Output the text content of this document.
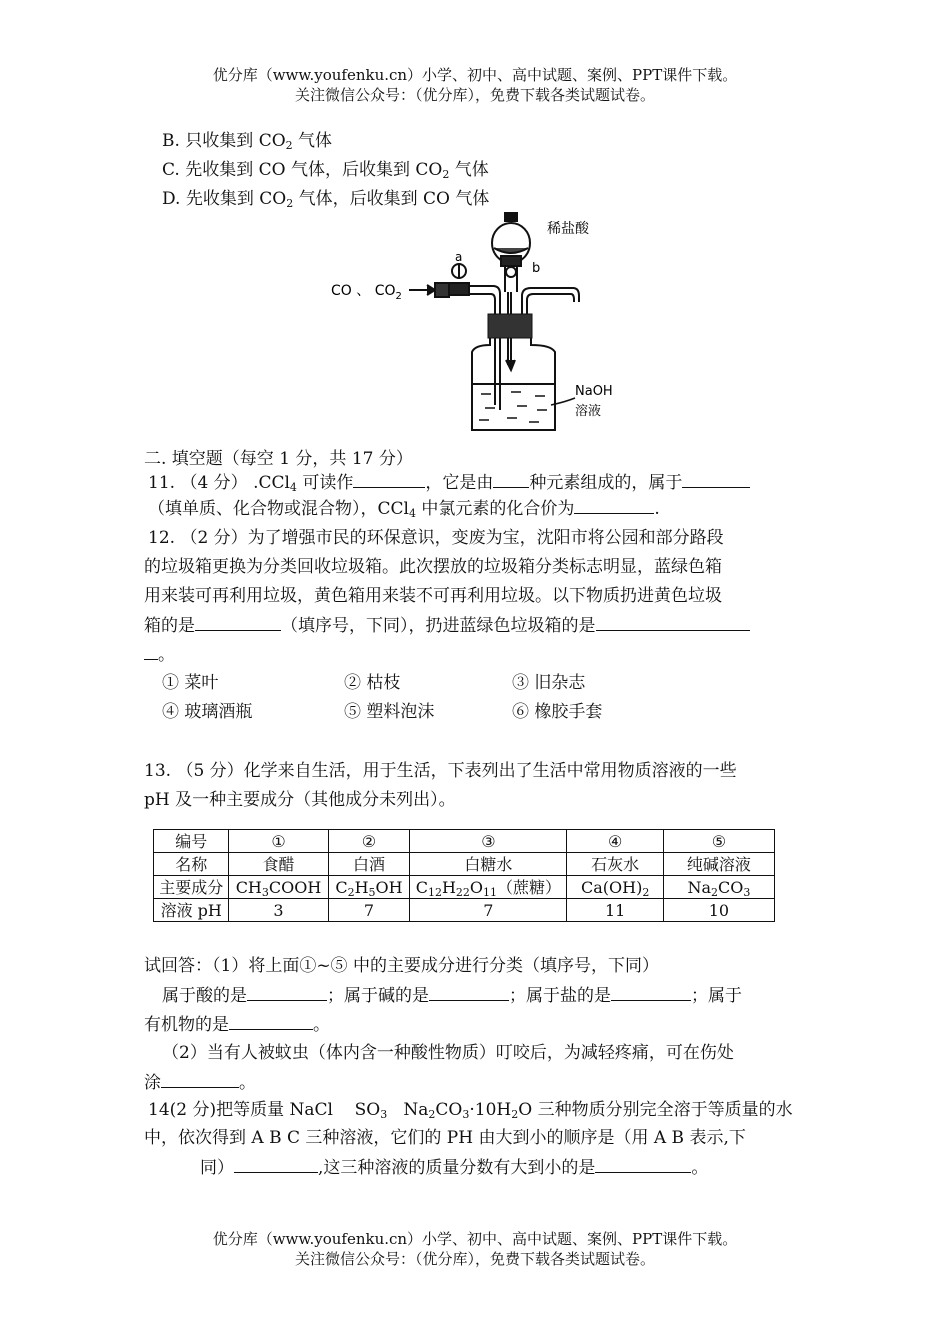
优分库（www.youfenku.cn）小学、初中、高中试题、案例、PPT课件下载。
关注微信公众号：（优分库），免费下载各类试题试卷。
B. 只收集到 $CO_2$ 气体
C. 先收集到 CO 气体，后收集到 $CO_2$ 气体
D. 先收集到 $CO_2$ 气体，后收集到 CO 气体
稀盐酸
b
a
CO 、 $CO_2$
NaOH
溶液
二. 填空题（每空 1 分，共 17 分）
11. （4 分） .CCl$_4$ 可读作	，它是由 种元素组成的，属于
（填单质、化合物或混合物），CCl$_4$ 中氯元素的化合价为	.
12. （2 分）为了增强市民的环保意识，变废为宝，沈阳市将公园和部分路段
的垃圾箱更换为分类回收垃圾箱。此次摆放的垃圾箱分类标志明显，蓝绿色箱
用来装可再利用垃圾，黄色箱用来装不可再利用垃圾。以下物质扔进黄色垃圾
箱的是	（填序号，下同），扔进蓝绿色垃圾箱的是
。
① 菜叶	② 枯枝	③ 旧杂志
④ 玻璃酒瓶	⑤ 塑料泡沫	⑥ 橡胶手套
13. （5 分）化学来自生活，用于生活，下表列出了生活中常用物质溶液的一些
pH 及一种主要成分（其他成分未列出）。
编号	①	②	③	④	⑤
名称	食醋	白酒	白糖水	石灰水	纯碱溶液
主要成分	$CH_3COOH$	$C_2H_5OH$	$C_{12}H_{22}O_{11}$（蔗糖）	$Ca(OH)_2$	$Na_2CO_3$
溶液 pH	3	7	7	11	10
试回答：（1）将上面①~⑤ 中的主要成分进行分类（填序号，下同）
属于酸的是	；属于碱的是	；属于盐的是	；属于
有机物的是	。
（2）当有人被蚊虫（体内含一种酸性物质）叮咬后，为减轻疼痛，可在伤处
涂	。
14(2 分)把等质量 NaCl    $SO_3$   $Na_2CO_3\cdot 10H_2O$ 三种物质分别完全溶于等质量的水
中，依次得到 A B C 三种溶液，它们的 PH 由大到小的顺序是（用 A B 表示,下
同）	,这三种溶液的质量分数有大到小的是	。
优分库（www.youfenku.cn）小学、初中、高中试题、案例、PPT课件下载。
关注微信公众号：（优分库），免费下载各类试题试卷。
